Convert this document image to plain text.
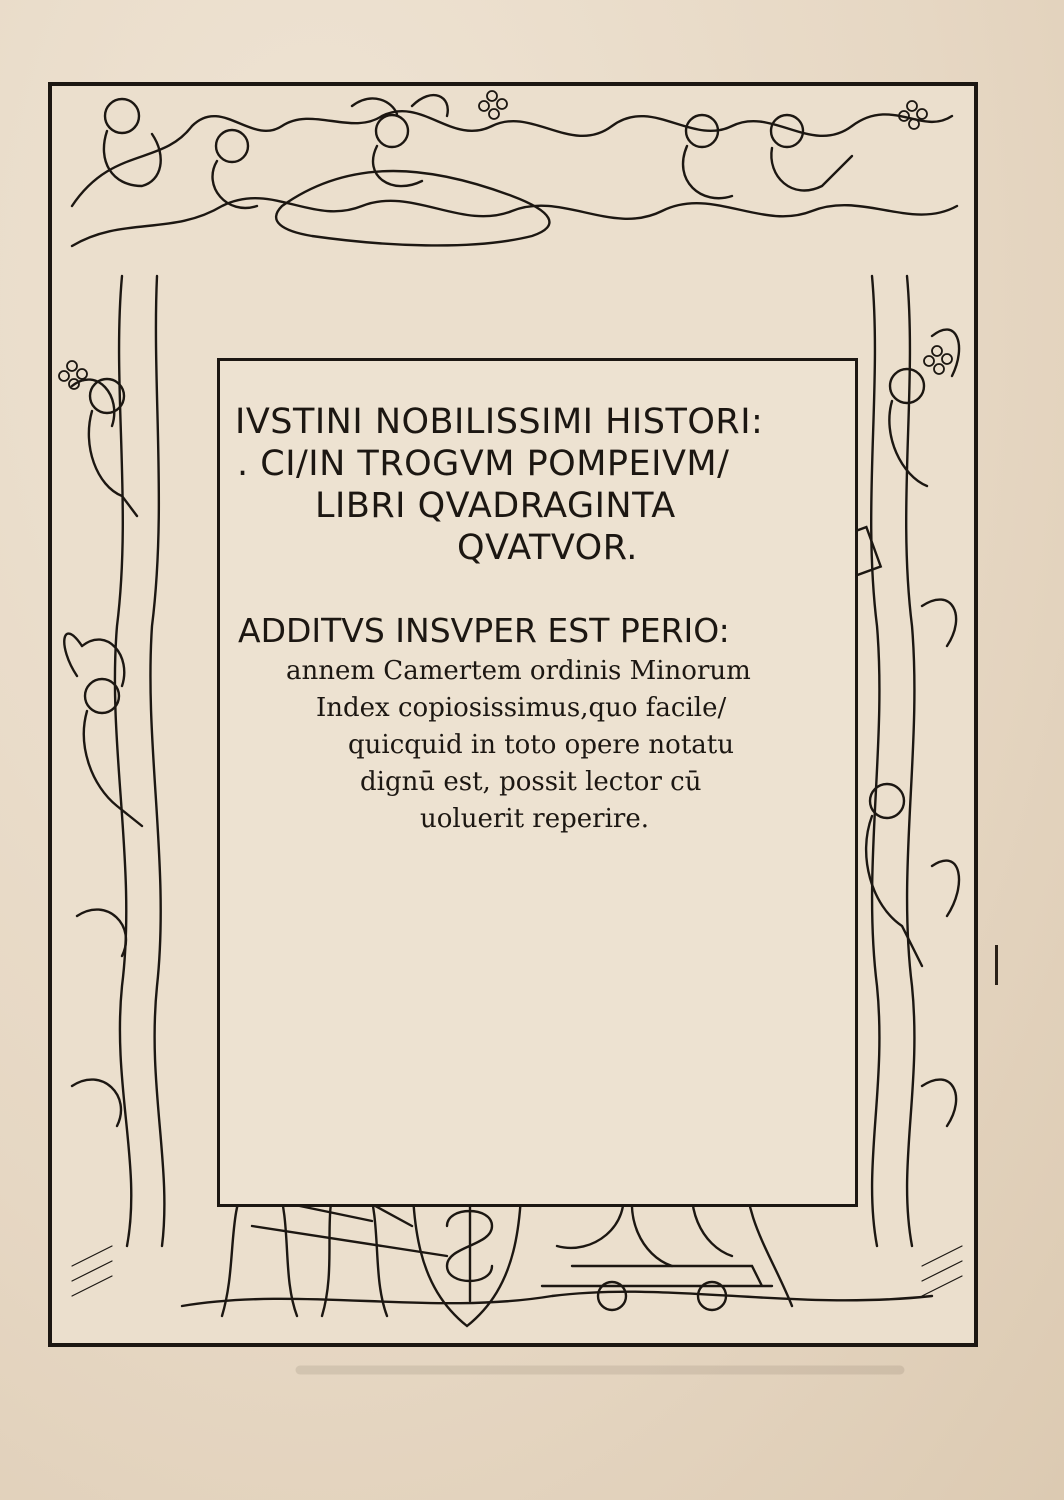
IVSTINI NOBILISSIMI HISTORI:
. CI/IN TROGVM POMPEIVM/
LIBRI QVADRAGINTA
QVATVOR.
ADDITVS INSVPER EST PERIO:
annem Camertem ordinis Minorum
Index copiosissimus,quo facile/
quicquid in toto opere notatu
dignū est, possit lector cū
uoluerit reperire.
